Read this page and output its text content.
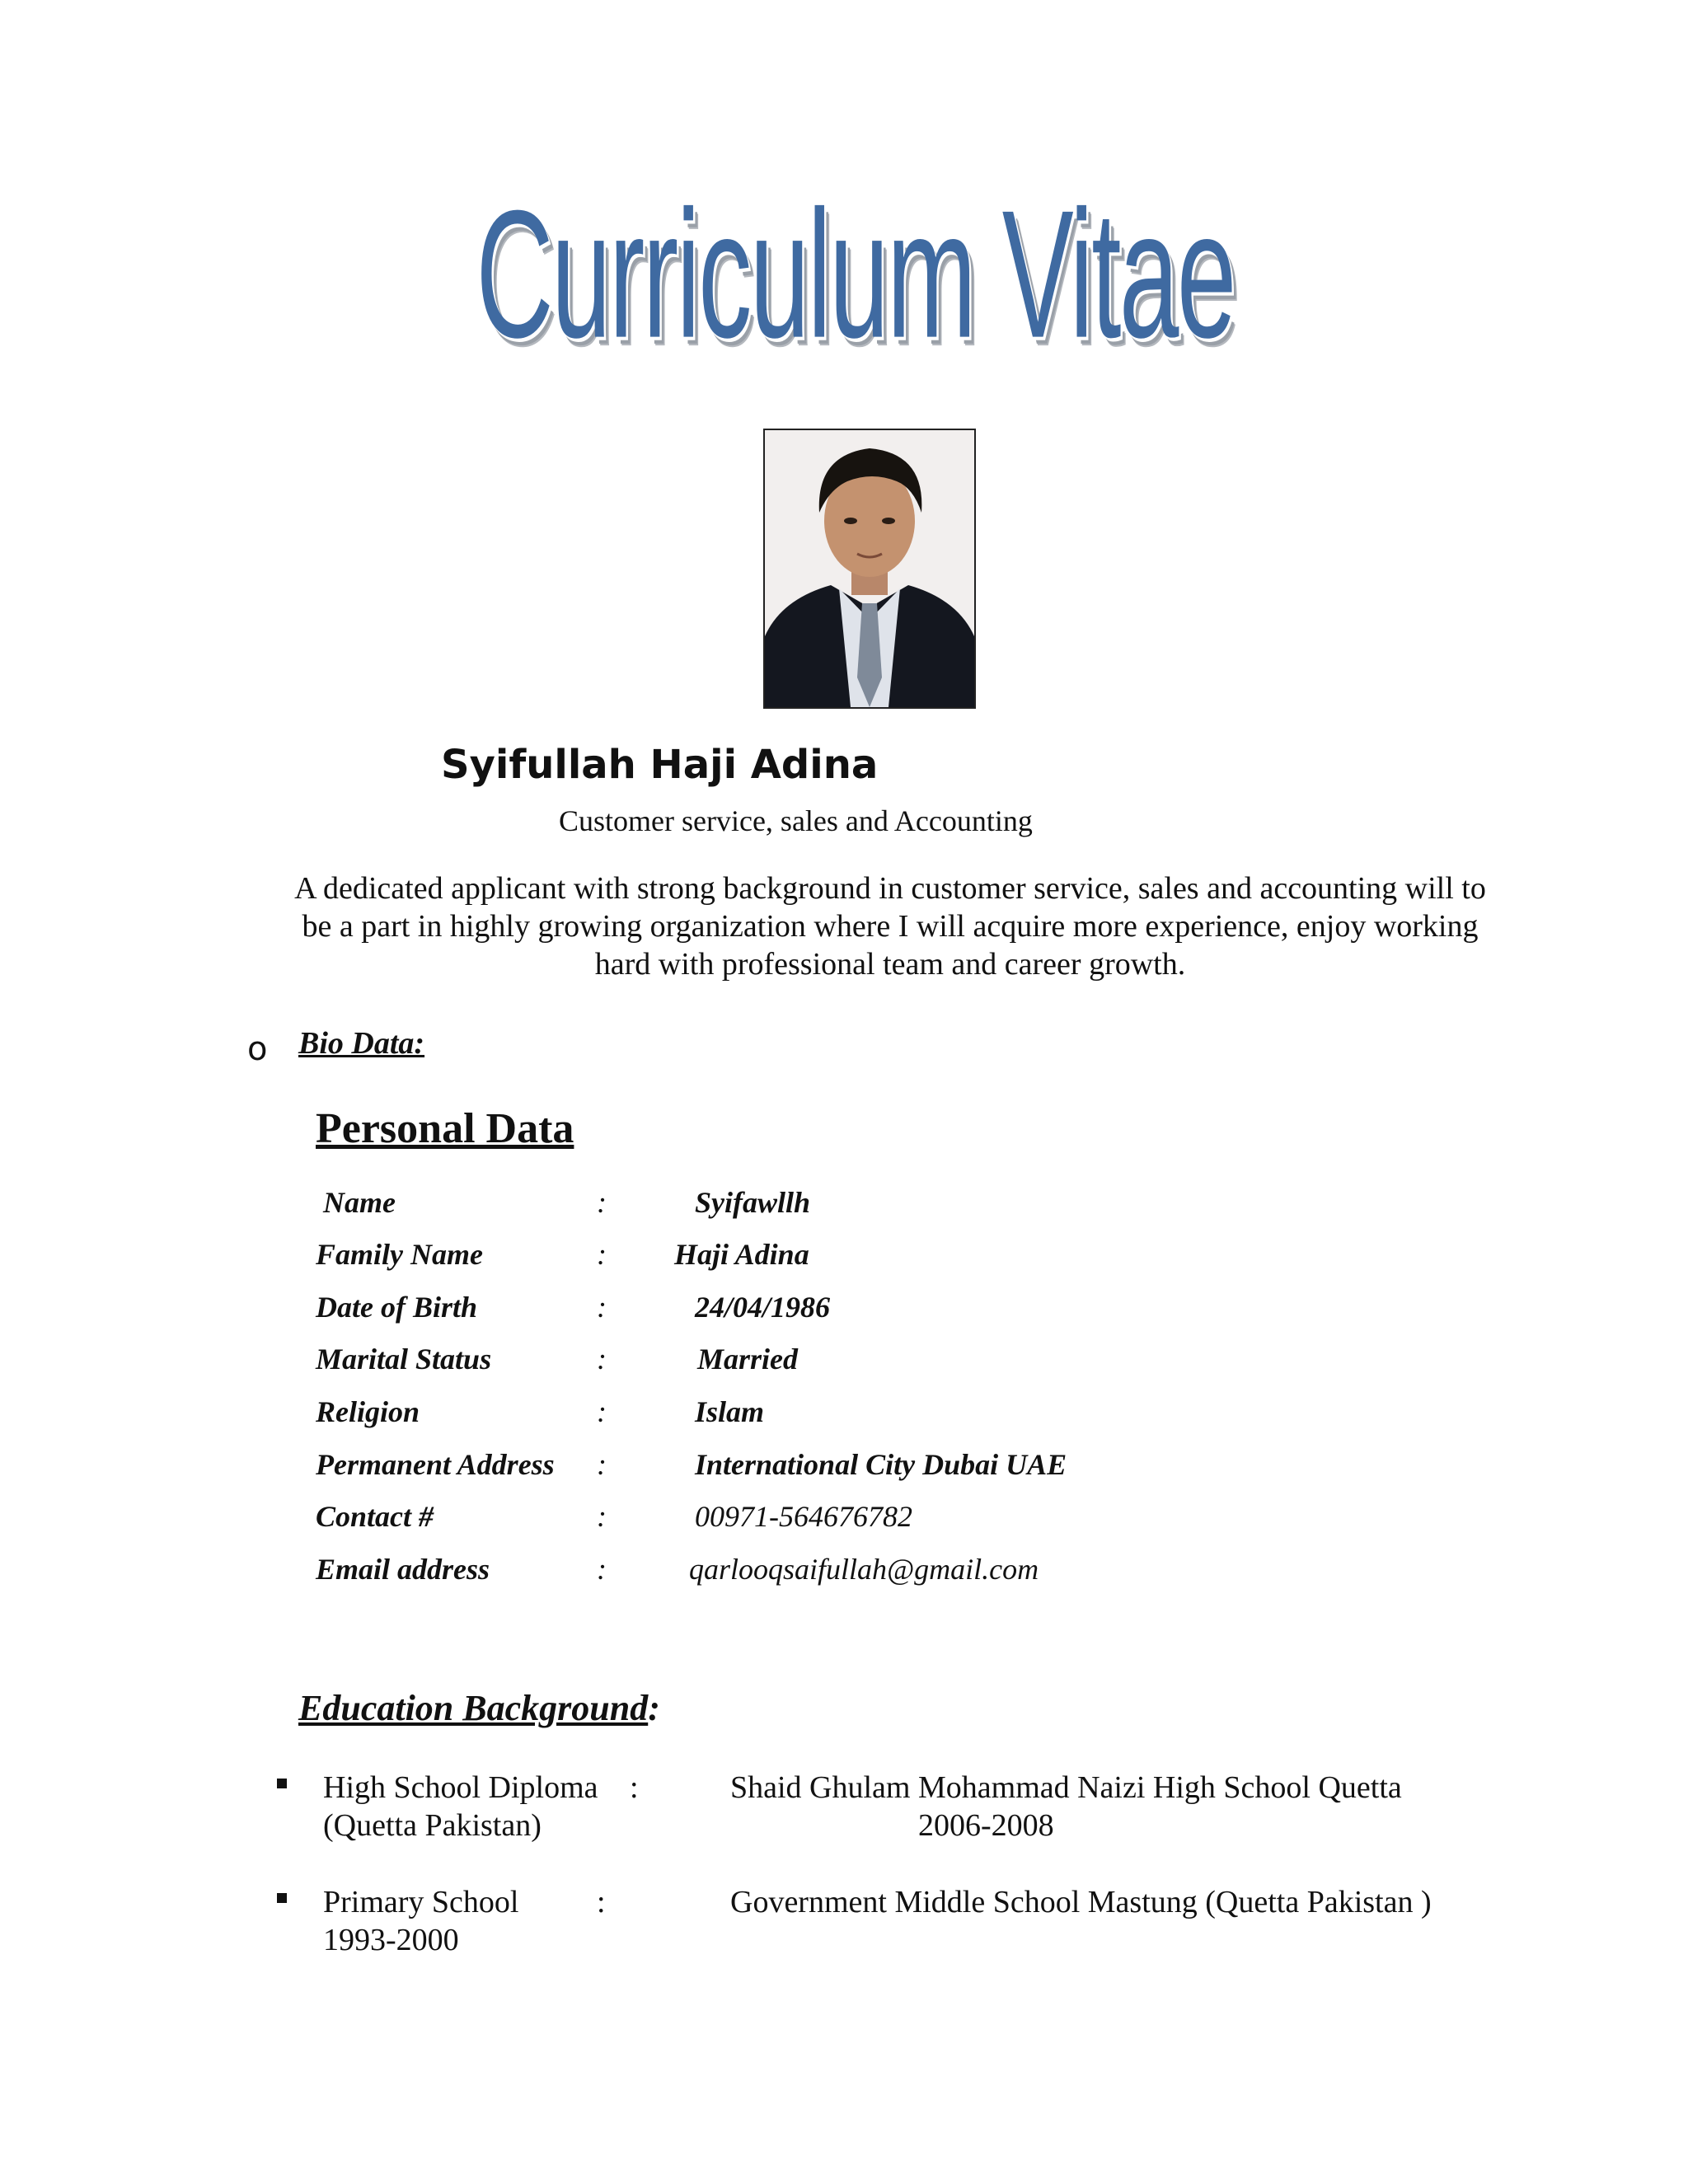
Curriculum Vitae
Syifullah Haji Adina
Customer service, sales and Accounting
A dedicated applicant with strong background in customer service, sales and accounting will to
be a part in highly growing organization where I will acquire more experience, enjoy working
hard with professional team and career growth.
o Bio Data:
Personal Data
Name	:	Syifawllh
Family Name	: Haji Adina
Date of Birth	:	24/04/1986
Marital Status	:	Married
Religion	:	Islam
Permanent Address :	International City Dubai UAE
Contact #	:	00971-564676782
Email address	:	qarlooqsaifullah@gmail.com
Education Background:
High School Diploma :	Shaid Ghulam Mohammad Naizi High School Quetta
(Quetta Pakistan)	2006-2008
Primary School :	Government Middle School Mastung (Quetta Pakistan )
1993-2000
